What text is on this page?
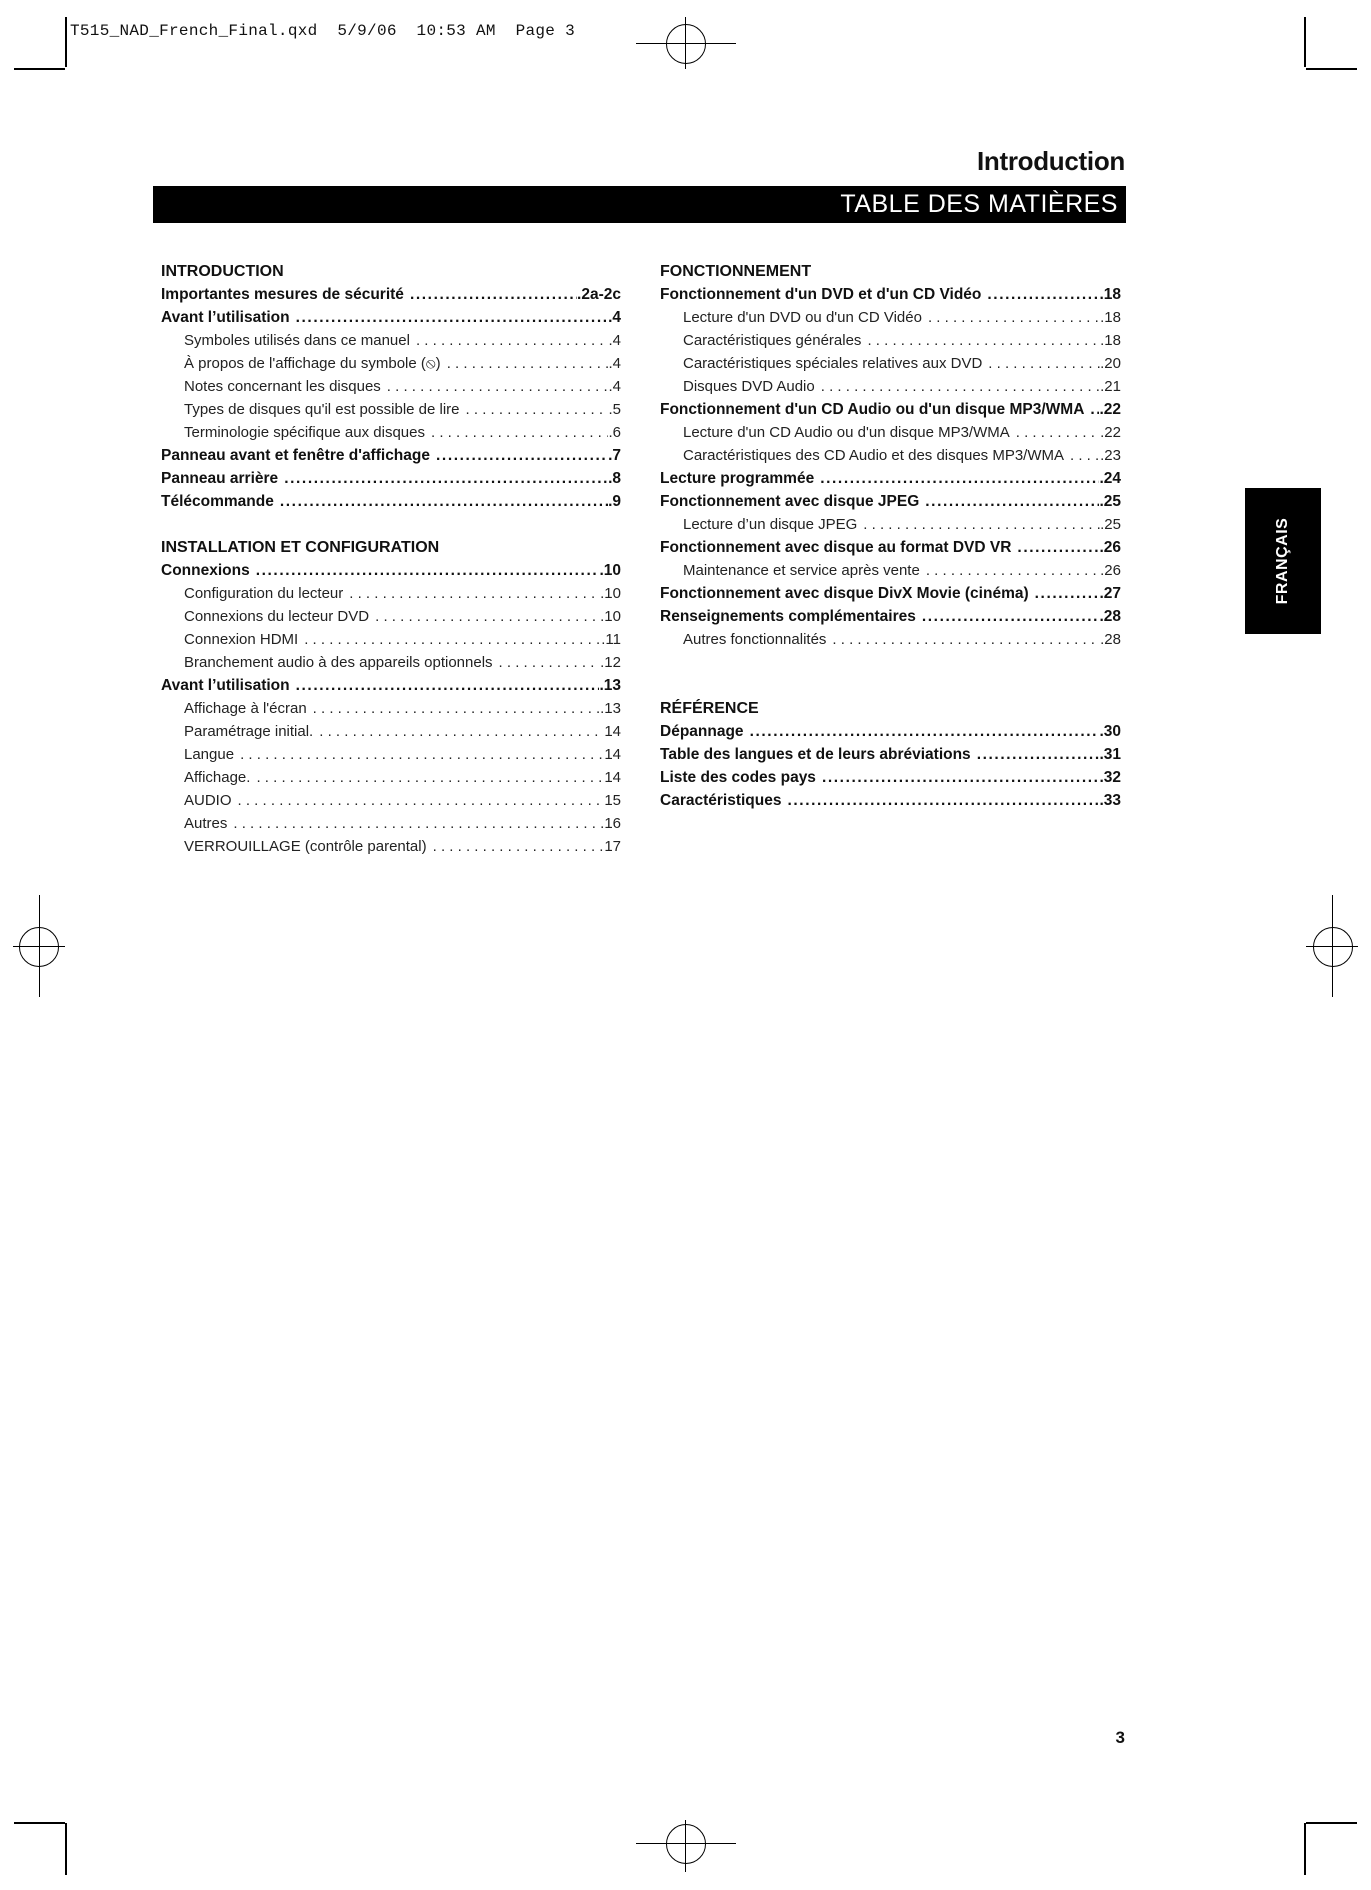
T515_NAD_French_Final.qxd  5/9/06  10:53 AM  Page 3
Introduction
TABLE DES MATIÈRES
FRANÇAIS
INTRODUCTION
Importantes mesures de sécurité .....	.2a-2c
Avant l’utilisation .....	.4
Symboles utilisés dans ce manuel . . .	.4
À propos de l'affichage du symbole (⦸) . . .	.4
Notes concernant les disques . . .	.4
Types de disques qu'il est possible de lire . . .	.5
Terminologie spécifique aux disques . . .	.6
Panneau avant et fenêtre d'affichage .....	.7
Panneau arrière .....	.8
Télécommande .....	.9
INSTALLATION ET CONFIGURATION
Connexions .....	.10
Configuration du lecteur . . .	.10
Connexions du lecteur DVD . . .	.10
Connexion HDMI . . .	.11
Branchement audio à des appareils optionnels . . .	.12
Avant l’utilisation .....	.13
Affichage à l'écran . . .	.13
Paramétrage initial. . . .	14
Langue . . .	14
Affichage. . . .	14
AUDIO . . .	15
Autres . . .	16
VERROUILLAGE (contrôle parental) . . .	17
FONCTIONNEMENT
Fonctionnement d'un DVD et d'un CD Vidéo .....	.18
Lecture d'un DVD ou d'un CD Vidéo . . .	.18
Caractéristiques générales . . .	.18
Caractéristiques spéciales relatives aux DVD . . .	.20
Disques DVD Audio . . .	.21
Fonctionnement d'un CD Audio ou d'un disque MP3/WMA ..... .22
Lecture d'un CD Audio ou d'un disque MP3/WMA . . .	.22
Caractéristiques des CD Audio et des disques MP3/WMA . . . .23
Lecture programmée .....	.24
Fonctionnement avec disque JPEG .....	.25
Lecture d’un disque JPEG . . .	.25
Fonctionnement avec disque au format DVD VR .....	.26
Maintenance et service après vente . . .	.26
Fonctionnement avec disque DivX Movie (cinéma) .....	.27
Renseignements complémentaires .....	.28
Autres fonctionnalités . . .	.28
RÉFÉRENCE
Dépannage .....	.30
Table des langues et de leurs abréviations .....	.31
Liste des codes pays .....	.32
Caractéristiques .....	.33
3
